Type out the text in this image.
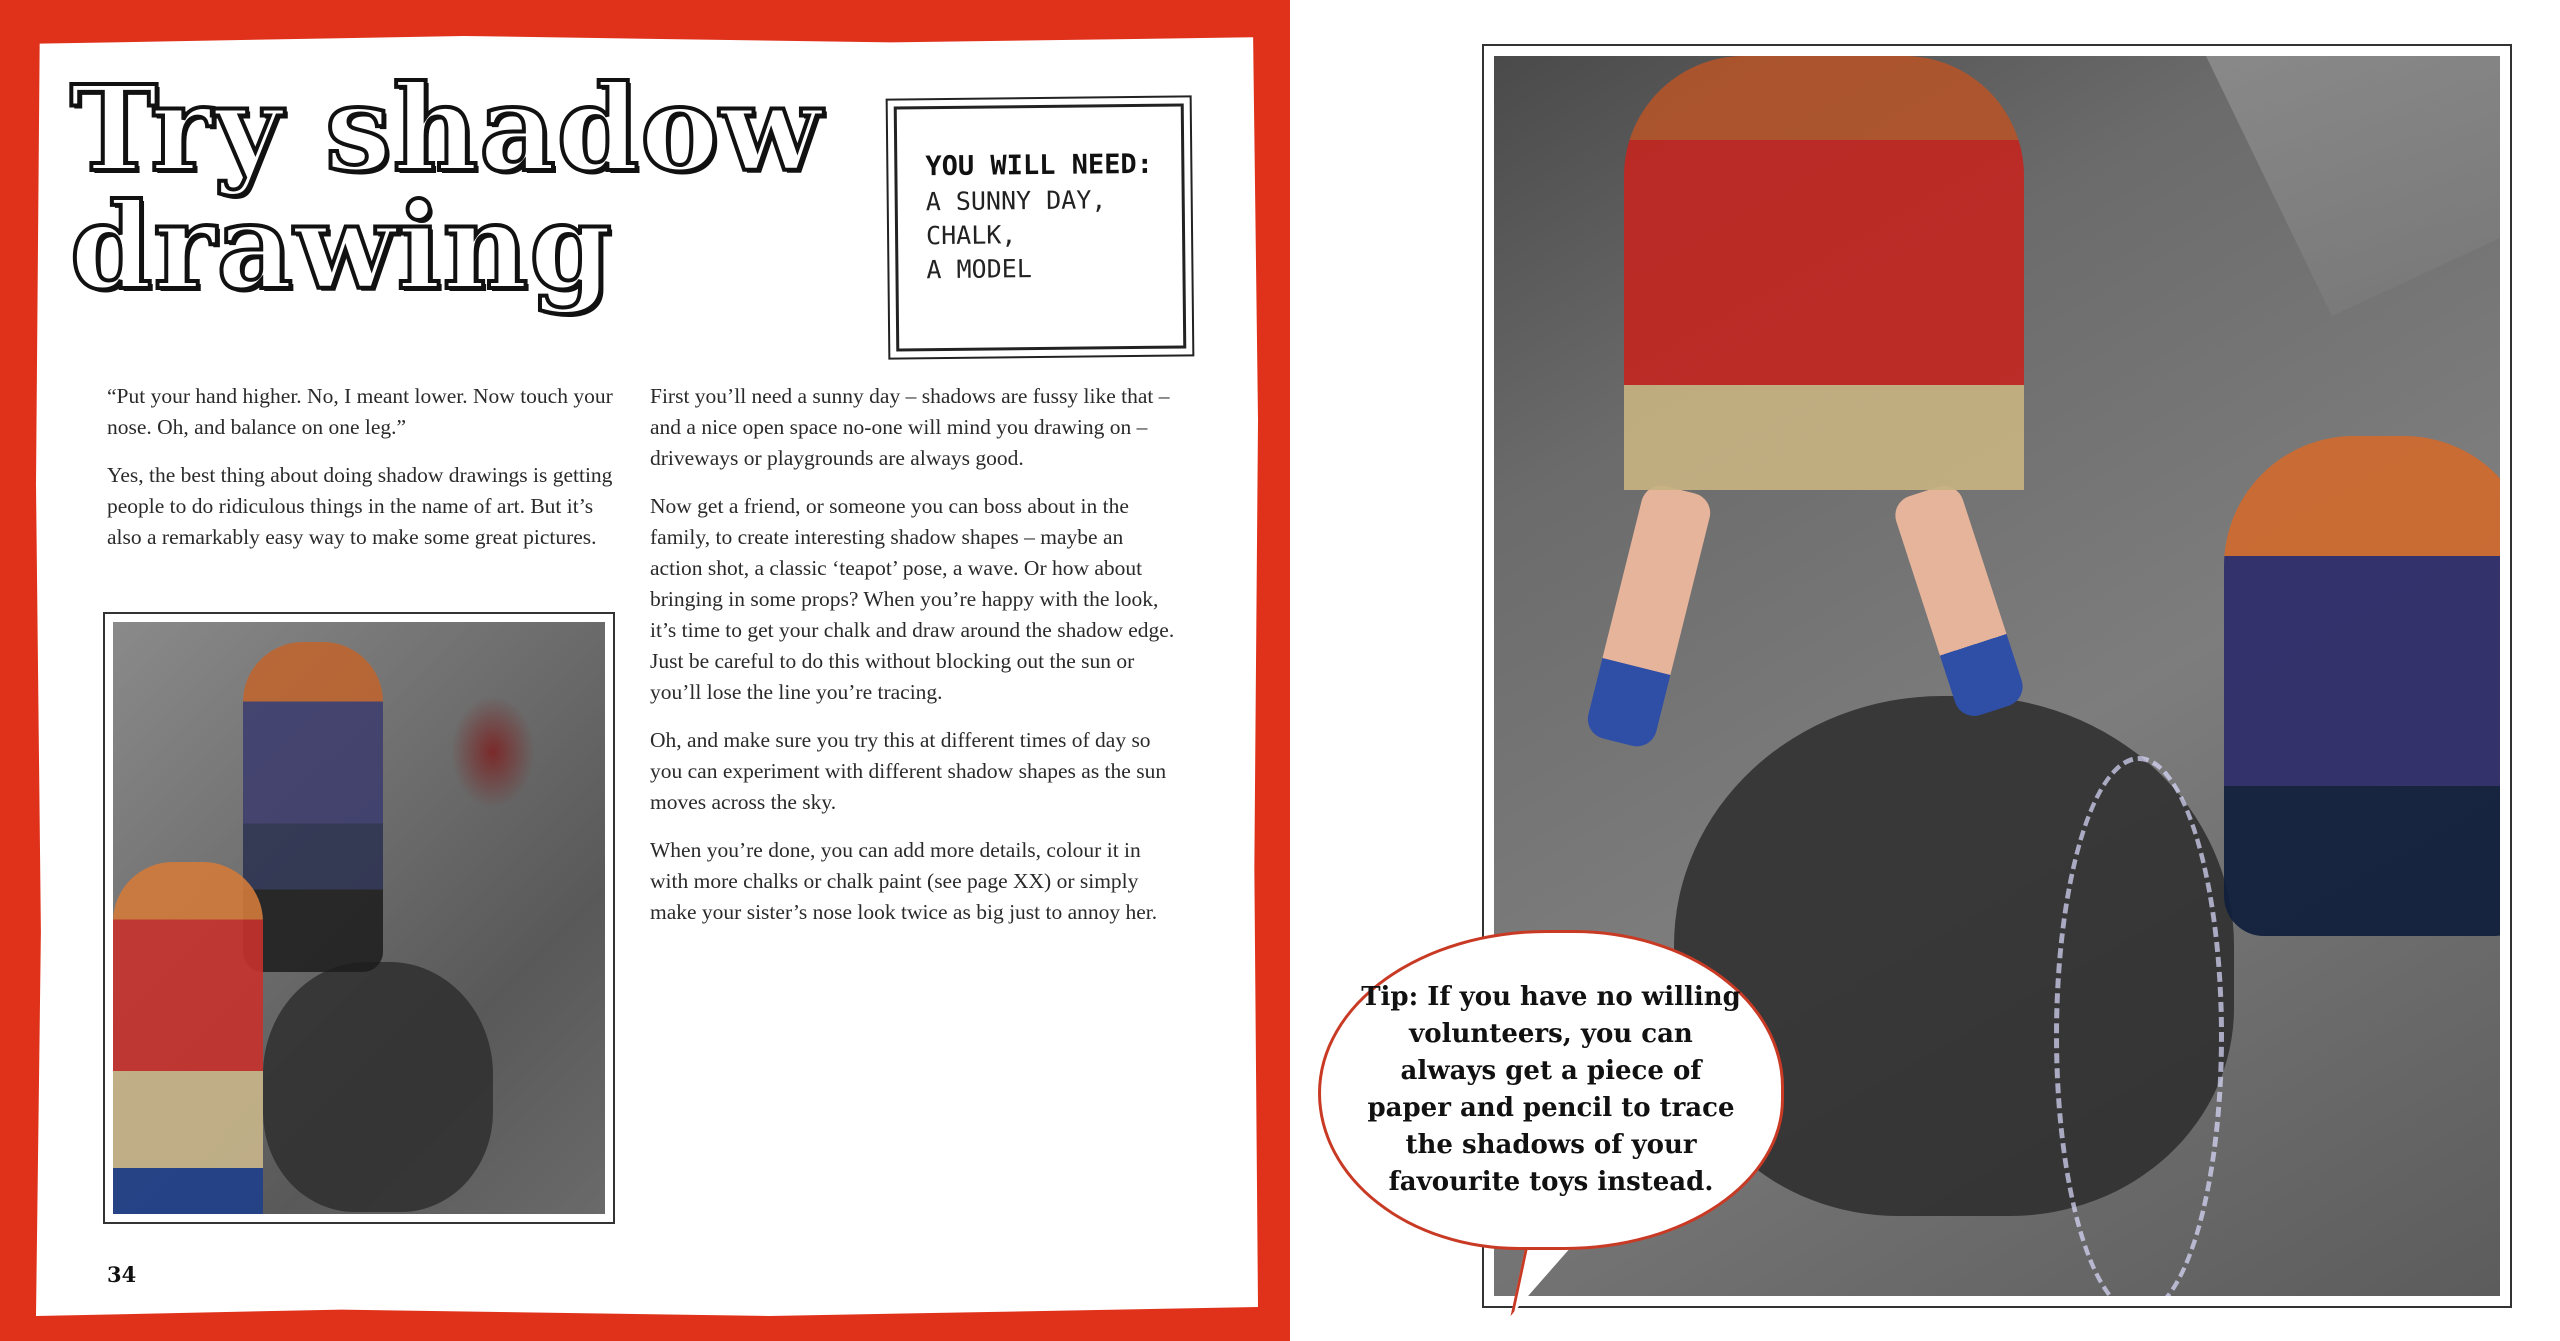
Try shadow
drawing
YOU WILL NEED:
A SUNNY DAY, CHALK,
A MODEL

“Put your hand higher. No, I meant lower. Now touch your nose. Oh, and balance on one leg.”

Yes, the best thing about doing shadow drawings is getting people to do ridiculous things in the name of art. But it’s also a remarkably easy way to make some great pictures.

First you’ll need a sunny day – shadows are fussy like that – and a nice open space no-one will mind you drawing on – driveways or playgrounds are always good.

Now get a friend, or someone you can boss about in the family, to create interesting shadow shapes – maybe an action shot, a classic ‘teapot’ pose, a wave. Or how about bringing in some props? When you’re happy with the look, it’s time to get your chalk and draw around the shadow edge. Just be careful to do this without blocking out the sun or you’ll lose the line you’re tracing.

Oh, and make sure you try this at different times of day so you can experiment with different shadow shapes as the sun moves across the sky.

When you’re done, you can add more details, colour it in with more chalks or chalk paint (see page XX) or simply make your sister’s nose look twice as big just to annoy her.

34
Tip: If you have no willing volunteers, you can always get a piece of paper and pencil to trace the shadows of your favourite toys instead.
